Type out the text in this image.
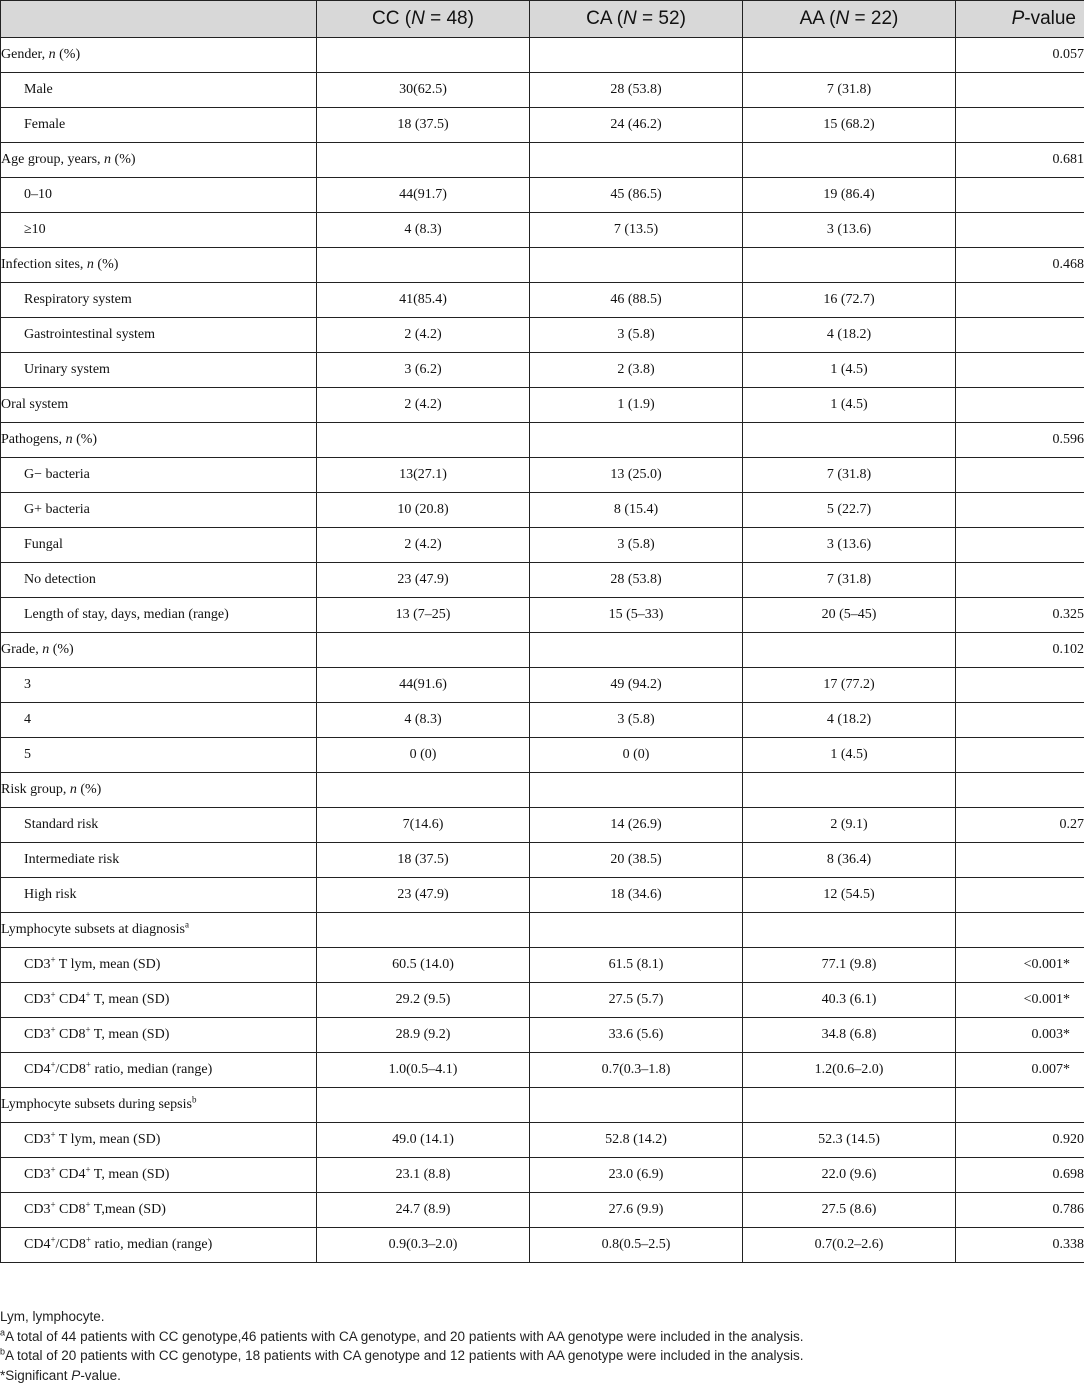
	CC (N = 48)	CA (N = 52)	AA (N = 22)	P-value
Gender, n (%)				0.057
Male	30(62.5)	28 (53.8)	7 (31.8)	
Female	18 (37.5)	24 (46.2)	15 (68.2)	
Age group, years, n (%)				0.681
0–10	44(91.7)	45 (86.5)	19 (86.4)	
≥10	4 (8.3)	7 (13.5)	3 (13.6)	
Infection sites, n (%)				0.468
Respiratory system	41(85.4)	46 (88.5)	16 (72.7)	
Gastrointestinal system	2 (4.2)	3 (5.8)	4 (18.2)	
Urinary system	3 (6.2)	2 (3.8)	1 (4.5)	
Oral system	2 (4.2)	1 (1.9)	1 (4.5)	
Pathogens, n (%)				0.596
G− bacteria	13(27.1)	13 (25.0)	7 (31.8)	
G+ bacteria	10 (20.8)	8 (15.4)	5 (22.7)	
Fungal	2 (4.2)	3 (5.8)	3 (13.6)	
No detection	23 (47.9)	28 (53.8)	7 (31.8)	
Length of stay, days, median (range)	13 (7–25)	15 (5–33)	20 (5–45)	0.325
Grade, n (%)				0.102
3	44(91.6)	49 (94.2)	17 (77.2)	
4	4 (8.3)	3 (5.8)	4 (18.2)	
5	0 (0)	0 (0)	1 (4.5)	
Risk group, n (%)				
Standard risk	7(14.6)	14 (26.9)	2 (9.1)	0.27
Intermediate risk	18 (37.5)	20 (38.5)	8 (36.4)	
High risk	23 (47.9)	18 (34.6)	12 (54.5)	
Lymphocyte subsets at diagnosis$^a$				
CD3+ T lym, mean (SD)	60.5 (14.0)	61.5 (8.1)	77.1 (9.8)	<0.001*
CD3+ CD4+ T, mean (SD)	29.2 (9.5)	27.5 (5.7)	40.3 (6.1)	<0.001*
CD3+ CD8+ T, mean (SD)	28.9 (9.2)	33.6 (5.6)	34.8 (6.8)	0.003*
CD4+/CD8+ ratio, median (range)	1.0(0.5–4.1)	0.7(0.3–1.8)	1.2(0.6–2.0)	0.007*
Lymphocyte subsets during sepsis$^b$				
CD3+ T lym, mean (SD)	49.0 (14.1)	52.8 (14.2)	52.3 (14.5)	0.920
CD3+ CD4+ T, mean (SD)	23.1 (8.8)	23.0 (6.9)	22.0 (9.6)	0.698
CD3+ CD8+ T,mean (SD)	24.7 (8.9)	27.6 (9.9)	27.5 (8.6)	0.786
CD4+/CD8+ ratio, median (range)	0.9(0.3–2.0)	0.8(0.5–2.5)	0.7(0.2–2.6)	0.338
Lym, lymphocyte.
$^a$A total of 44 patients with CC genotype,46 patients with CA genotype, and 20 patients with AA genotype were included in the analysis.
$^b$A total of 20 patients with CC genotype, 18 patients with CA genotype and 12 patients with AA genotype were included in the analysis.
*Significant P-value.
